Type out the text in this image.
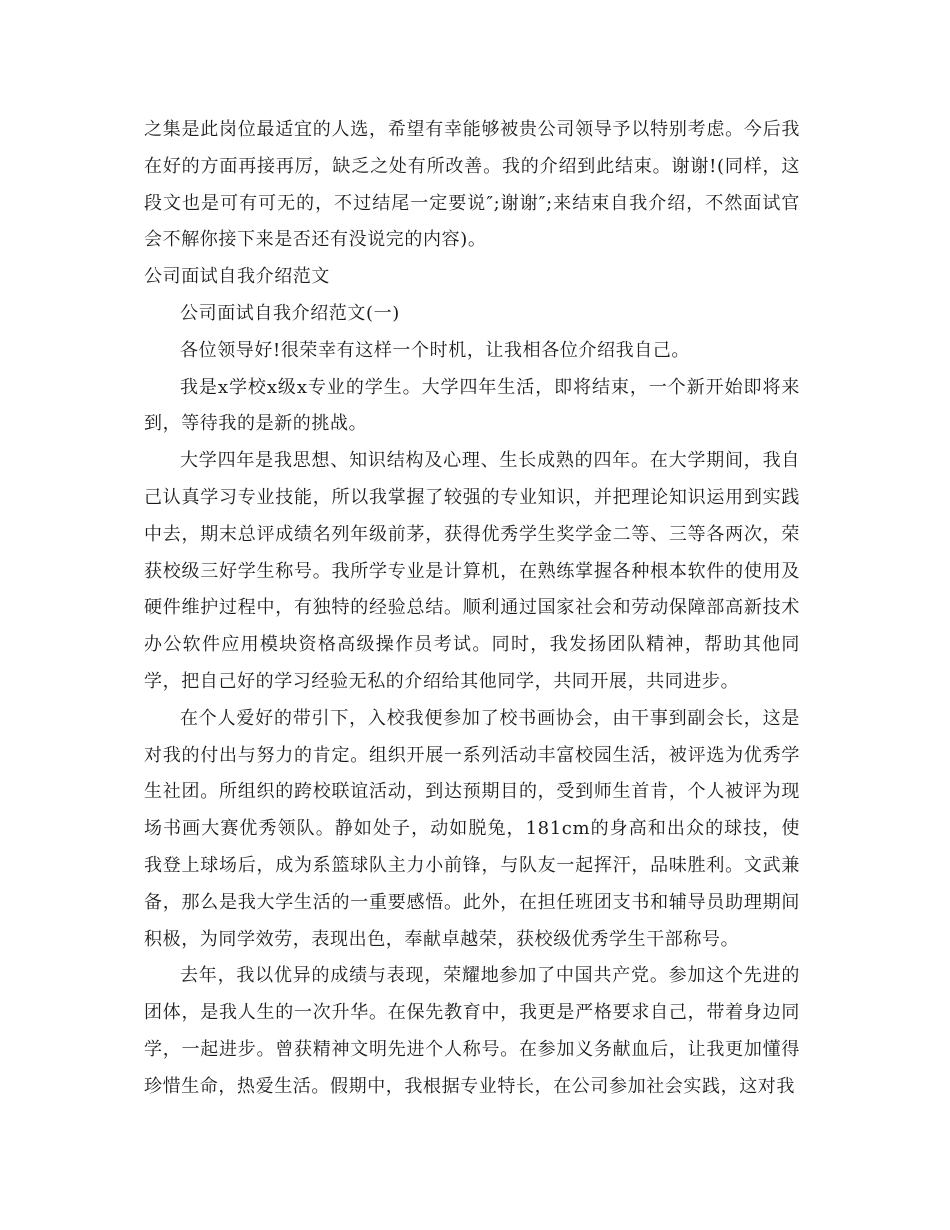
之集是此岗位最适宜的人选，希望有幸能够被贵公司领导予以特别考虑。今后我在好的方面再接再厉，缺乏之处有所改善。我的介绍到此结束。谢谢!(同样，这段文也是可有可无的，不过结尾一定要说″;谢谢″;来结束自我介绍，不然面试官会不解你接下来是否还有没说完的内容)。

公司面试自我介绍范文

公司面试自我介绍范文(一)

各位领导好!很荣幸有这样一个时机，让我相各位介绍我自己。

我是x学校x级x专业的学生。大学四年生活，即将结束，一个新开始即将来到，等待我的是新的挑战。

大学四年是我思想、知识结构及心理、生长成熟的四年。在大学期间，我自己认真学习专业技能，所以我掌握了较强的专业知识，并把理论知识运用到实践中去，期末总评成绩名列年级前茅，获得优秀学生奖学金二等、三等各两次，荣获校级三好学生称号。我所学专业是计算机，在熟练掌握各种根本软件的使用及硬件维护过程中，有独特的经验总结。顺利通过国家社会和劳动保障部高新技术办公软件应用模块资格高级操作员考试。同时，我发扬团队精神，帮助其他同学，把自己好的学习经验无私的介绍给其他同学，共同开展，共同进步。

在个人爱好的带引下，入校我便参加了校书画协会，由干事到副会长，这是对我的付出与努力的肯定。组织开展一系列活动丰富校园生活，被评选为优秀学生社团。所组织的跨校联谊活动，到达预期目的，受到师生首肯，个人被评为现场书画大赛优秀领队。静如处子，动如脱兔，181cm的身高和出众的球技，使我登上球场后，成为系篮球队主力小前锋，与队友一起挥汗，品味胜利。文武兼备，那么是我大学生活的一重要感悟。此外，在担任班团支书和辅导员助理期间积极，为同学效劳，表现出色，奉献卓越荣，获校级优秀学生干部称号。

去年，我以优异的成绩与表现，荣耀地参加了中国共产党。参加这个先进的团体，是我人生的一次升华。在保先教育中，我更是严格要求自己，带着身边同学，一起进步。曾获精神文明先进个人称号。在参加义务献血后，让我更加懂得珍惜生命，热爱生活。假期中，我根据专业特长，在公司参加社会实践，这对我
